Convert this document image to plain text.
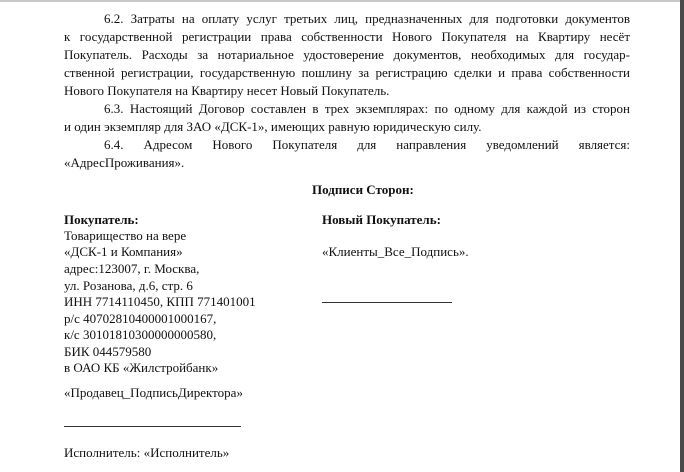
6.2. Затраты на оплату услуг третьих лиц, предназначенных для подготовки документов
к государственной регистрации права собственности Нового Покупателя на Квартиру несёт
Покупатель. Расходы за нотариальное удостоверение документов, необходимых для государ-
ственной регистрации, государственную пошлину за регистрацию сделки и права собственности
Нового Покупателя на Квартиру несет Новый Покупатель.
6.3. Настоящий Договор составлен в трех экземплярах: по одному для каждой из сторон
и один экземпляр для ЗАО «ДСК-1», имеющих равную юридическую силу.
6.4. Адресом Нового Покупателя для направления уведомлений является:
«АдресПроживания».
Подписи Сторон:
Покупатель:
Товарищество на вере
«ДСК-1 и Компания»
адрес:123007, г. Москва,
ул. Розанова, д.6, стр. 6
ИНН 7714110450, КПП 771401001
р/с 40702810400001000167,
к/с 30101810300000000580,
БИК 044579580
в ОАО КБ «Жилстройбанк»
«Продавец_ПодписьДиректора»
Новый Покупатель:
«Клиенты_Все_Подпись».
Исполнитель: «Исполнитель»
